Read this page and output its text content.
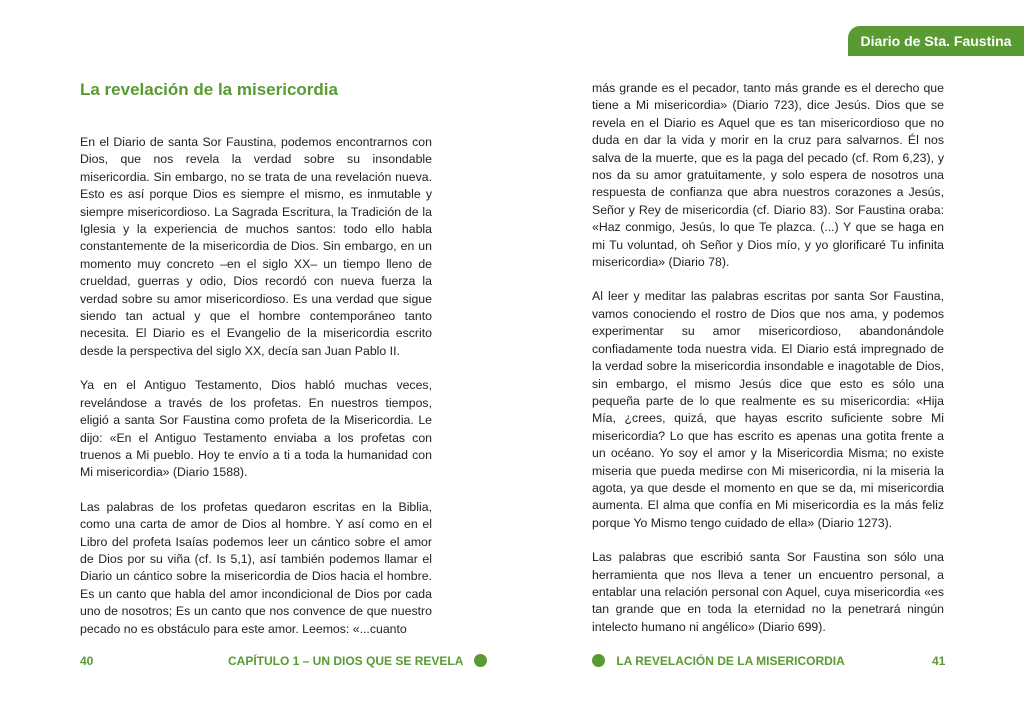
La revelación de la misericordia

En el Diario de santa Sor Faustina, podemos encontrarnos con Dios, que nos revela la verdad sobre su insondable misericordia. Sin embargo, no se trata de una revelación nueva. Esto es así porque Dios es siempre el mismo, es inmutable y siempre misericordioso. La Sagrada Escritura, la Tradición de la Iglesia y la experiencia de muchos santos: todo ello habla constantemente de la misericordia de Dios. Sin embargo, en un momento muy concreto –en el siglo XX– un tiempo lleno de crueldad, guerras y odio, Dios recordó con nueva fuerza la verdad sobre su amor misericordioso. Es una verdad que sigue siendo tan actual y que el hombre contemporáneo tanto necesita. El Diario es el Evangelio de la misericordia escrito desde la perspectiva del siglo XX, decía san Juan Pablo II.

Ya en el Antiguo Testamento, Dios habló muchas veces, revelándose a través de los profetas. En nuestros tiempos, eligió a santa Sor Faustina como profeta de la Misericordia. Le dijo: «En el Antiguo Testamento enviaba a los profetas con truenos a Mi pueblo. Hoy te envío a ti a toda la humanidad con Mi misericordia» (Diario 1588).

Las palabras de los profetas quedaron escritas en la Biblia, como una carta de amor de Dios al hombre. Y así como en el Libro del profeta Isaías podemos leer un cántico sobre el amor de Dios por su viña (cf. Is 5,1), así también podemos llamar el Diario un cántico sobre la misericordia de Dios hacia el hombre. Es un canto que habla del amor incondicional de Dios por cada uno de nosotros; Es un canto que nos convence de que nuestro pecado no es obstáculo para este amor. Leemos: «...cuanto

40	CAPÍTULO 1 – UN DIOS QUE SE REVELA
Diario de Sta. Faustina

más grande es el pecador, tanto más grande es el derecho que tiene a Mi misericordia» (Diario 723), dice Jesús. Dios que se revela en el Diario es Aquel que es tan misericordioso que no duda en dar la vida y morir en la cruz para salvarnos. Él nos salva de la muerte, que es la paga del pecado (cf. Rom 6,23), y nos da su amor gratuitamente, y solo espera de nosotros una respuesta de confianza que abra nuestros corazones a Jesús, Señor y Rey de misericordia (cf. Diario 83). Sor Faustina oraba: «Haz conmigo, Jesús, lo que Te plazca. (...) Y que se haga en mi Tu voluntad, oh Señor y Dios mío, y yo glorificaré Tu infinita misericordia» (Diario 78).

Al leer y meditar las palabras escritas por santa Sor Faustina, vamos conociendo el rostro de Dios que nos ama, y podemos experimentar su amor misericordioso, abandonándole confiadamente toda nuestra vida. El Diario está impregnado de la verdad sobre la misericordia insondable e inagotable de Dios, sin embargo, el mismo Jesús dice que esto es sólo una pequeña parte de lo que realmente es su misericordia: «Hija Mía, ¿crees, quizá, que hayas escrito suficiente sobre Mi misericordia? Lo que has escrito es apenas una gotita frente a un océano. Yo soy el amor y la Misericordia Misma; no existe miseria que pueda medirse con Mi misericordia, ni la miseria la agota, ya que desde el momento en que se da, mi misericordia aumenta. El alma que confía en Mi misericordia es la más feliz porque Yo Mismo tengo cuidado de ella» (Diario 1273).

Las palabras que escribió santa Sor Faustina son sólo una herramienta que nos lleva a tener un encuentro personal, a entablar una relación personal con Aquel, cuya misericordia «es tan grande que en toda la eternidad no la penetrará ningún intelecto humano ni angélico» (Diario 699).

LA REVELACIÓN DE LA MISERICORDIA	41
